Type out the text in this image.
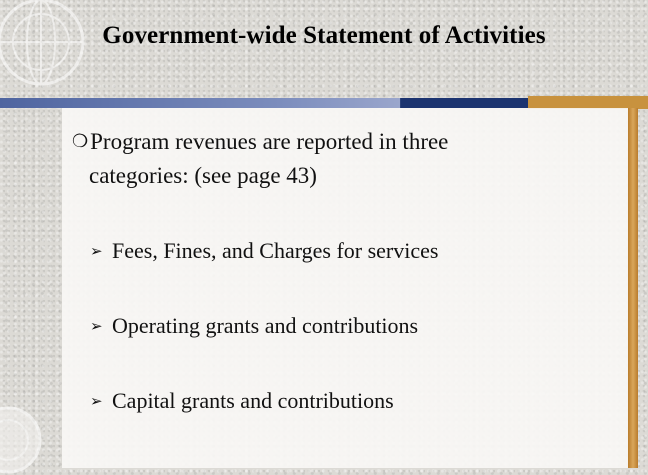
Government-wide Statement of Activities
❍Program revenues are reported in three
categories: (see page 43)
➢ Fees, Fines, and Charges for services
➢ Operating grants and contributions
➢ Capital grants and contributions
